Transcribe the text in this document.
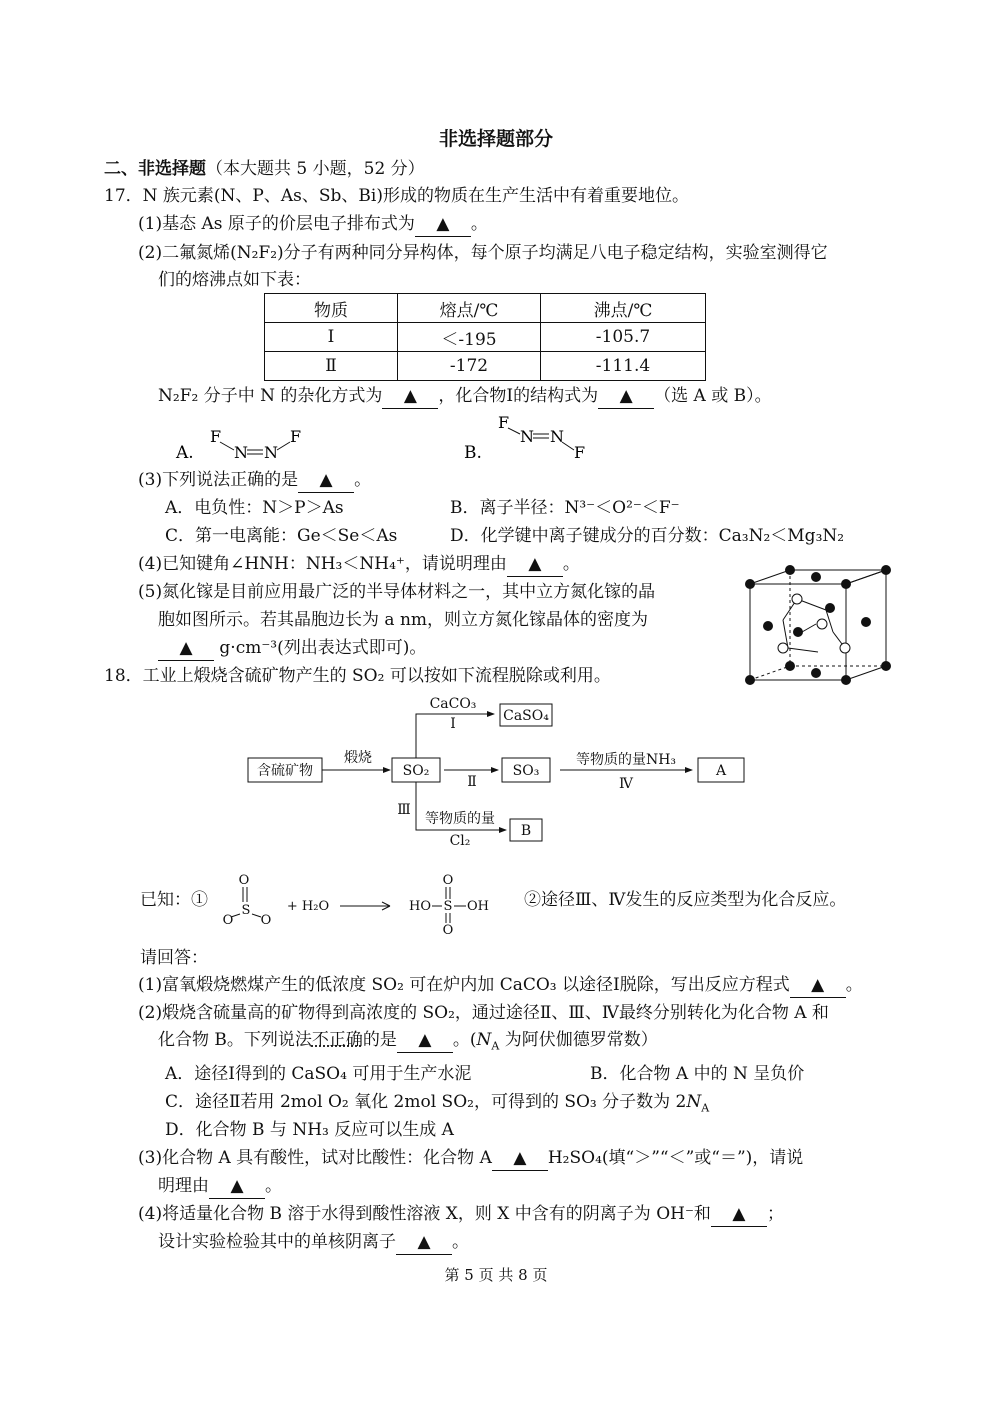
非选择题部分
二、非选择题（本大题共 5 小题，52 分）
17．N 族元素(N、P、As、Sb、Bi)形成的物质在生产生活中有着重要地位。
(1)基态 As 原子的价层电子排布式为 ▲ 。
(2)二氟氮烯(N₂F₂)分子有两种同分异构体，每个原子均满足八电子稳定结构，实验室测得它
们的熔沸点如下表：
物质	熔点/℃	沸点/℃
Ⅰ	＜-195	-105.7
Ⅱ	-172	-111.4
N₂F₂ 分子中 N 的杂化方式为 ▲ ，化合物Ⅰ的结构式为 ▲ （选 A 或 B）。
A.
F
N N
F
B.
F
N N
F
(3)下列说法正确的是 ▲ 。
A．电负性：N＞P＞As	B．离子半径：N³⁻＜O²⁻＜F⁻
C．第一电离能：Ge＜Se＜As	D．化学键中离子键成分的百分数：Ca₃N₂＜Mg₃N₂
(4)已知键角∠HNH：NH₃＜NH₄⁺，请说明理由 ▲ 。
(5)氮化镓是目前应用最广泛的半导体材料之一，其中立方氮化镓的晶
胞如图所示。若其晶胞边长为 a nm，则立方氮化镓晶体的密度为
▲ g·cm⁻³(列出表达式即可)。
18．工业上煅烧含硫矿物产生的 SO₂ 可以按如下流程脱除或利用。
含硫矿物
煅烧
SO₂	SO₃	A
CaSO₄
B
CaCO₃
Ⅰ
Ⅱ
Ⅲ
等物质的量NH₃
Ⅳ
等物质的量
Cl₂
已知：①
O
S
O O
+ H₂O
O
S
O
HO	OH ②途径Ⅲ、Ⅳ发生的反应类型为化合反应。
请回答：
(1)富氧煅烧燃煤产生的低浓度 SO₂ 可在炉内加 CaCO₃ 以途径Ⅰ脱除，写出反应方程式 ▲ 。
(2)煅烧含硫量高的矿物得到高浓度的 SO₂，通过途径Ⅱ、Ⅲ、Ⅳ最终分别转化为化合物 A 和
化合物 B。下列说法不正确的是 ▲ 。($N_A$ 为阿伏伽德罗常数）
A．途径Ⅰ得到的 CaSO₄ 可用于生产水泥	B．化合物 A 中的 N 呈负价
C．途径Ⅱ若用 2mol O₂ 氧化 2mol SO₂，可得到的 SO₃ 分子数为 $2N_A$
D．化合物 B 与 NH₃ 反应可以生成 A
(3)化合物 A 具有酸性，试对比酸性：化合物 A ▲ H₂SO₄(填“＞”“＜”或“＝”)，请说
明理由 ▲ 。
(4)将适量化合物 B 溶于水得到酸性溶液 X，则 X 中含有的阴离子为 OH⁻和 ▲ ；
设计实验检验其中的单核阴离子 ▲ 。
第 5 页 共 8 页
